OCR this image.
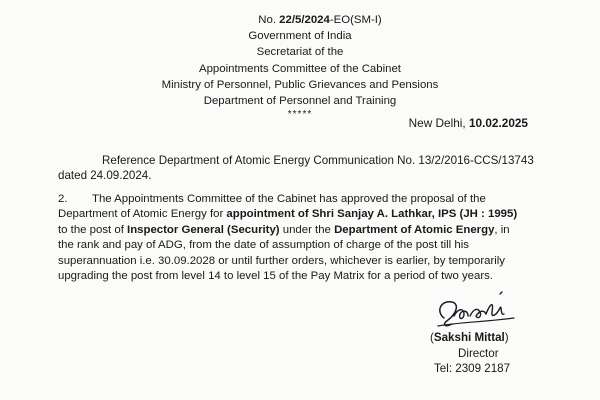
No. 22/5/2024-EO(SM-I)
Government of India
Secretariat of the
Appointments Committee of the Cabinet
Ministry of Personnel, Public Grievances and Pensions
Department of Personnel and Training
*****
New Delhi, 10.02.2025
Reference Department of Atomic Energy Communication No. 13/2/2016-CCS/13743
dated 24.09.2024.
2. The Appointments Committee of the Cabinet has approved the proposal of the
Department of Atomic Energy for appointment of Shri Sanjay A. Lathkar, IPS (JH : 1995)
to the post of Inspector General (Security) under the Department of Atomic Energy, in
the rank and pay of ADG, from the date of assumption of charge of the post till his
superannuation i.e. 30.09.2028 or until further orders, whichever is earlier, by temporarily
upgrading the post from level 14 to level 15 of the Pay Matrix for a period of two years.
(Sakshi Mittal)
Director
Tel: 2309 2187
